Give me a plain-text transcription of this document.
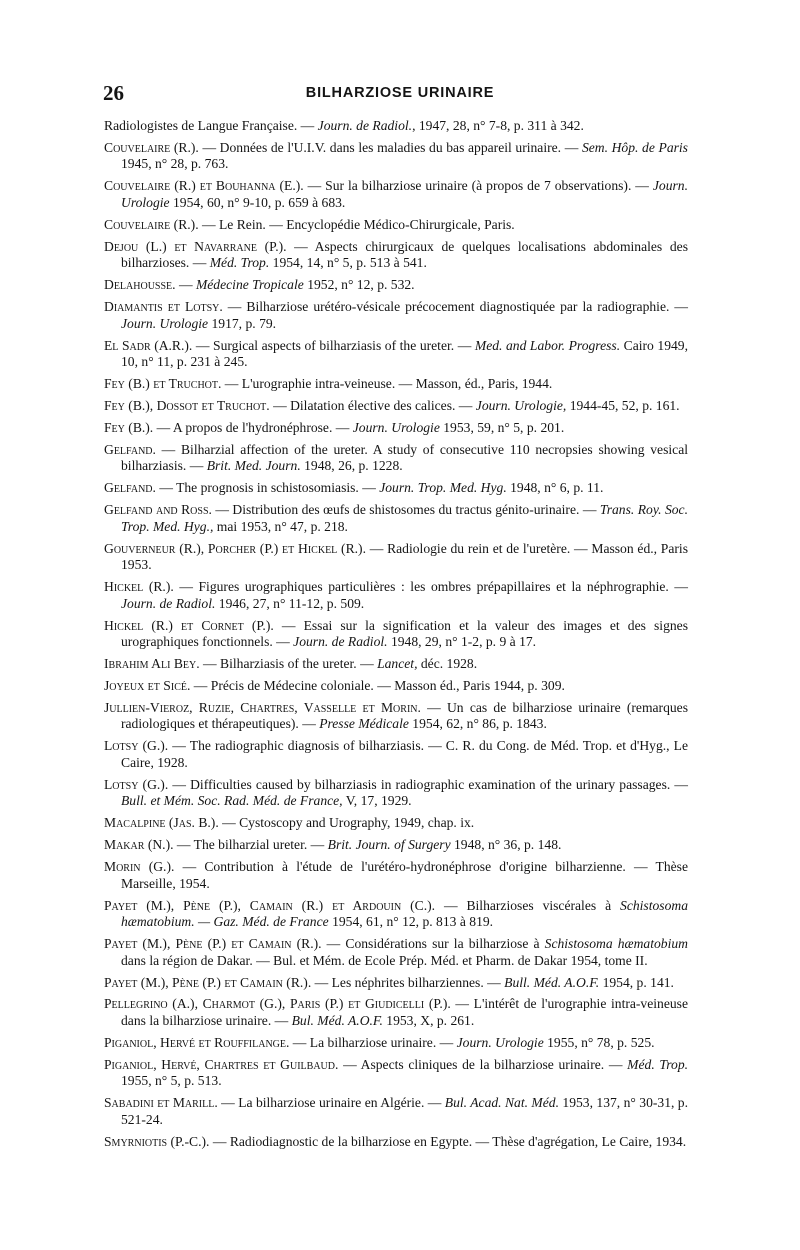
26	BILHARZIOSE URINAIRE

Radiologistes de Langue Française. — Journ. de Radiol., 1947, 28, n° 7-8, p. 311 à 342.

Couvelaire (R.). — Données de l'U.I.V. dans les maladies du bas appareil urinaire. — Sem. Hôp. de Paris 1945, n° 28, p. 763.

Couvelaire (R.) et Bouhanna (E.). — Sur la bilharziose urinaire (à propos de 7 observations). — Journ. Urologie 1954, 60, n° 9-10, p. 659 à 683.

Couvelaire (R.). — Le Rein. — Encyclopédie Médico-Chirurgicale, Paris.

Dejou (L.) et Navarrane (P.). — Aspects chirurgicaux de quelques localisations abdominales des bilharzioses. — Méd. Trop. 1954, 14, n° 5, p. 513 à 541.

Delahousse. — Médecine Tropicale 1952, n° 12, p. 532.

Diamantis et Lotsy. — Bilharziose urétéro-vésicale précocement diagnostiquée par la radiographie. — Journ. Urologie 1917, p. 79.

El Sadr (A.R.). — Surgical aspects of bilharziasis of the ureter. — Med. and Labor. Progress. Cairo 1949, 10, n° 11, p. 231 à 245.

Fey (B.) et Truchot. — L'urographie intra-veineuse. — Masson, éd., Paris, 1944.

Fey (B.), Dossot et Truchot. — Dilatation élective des calices. — Journ. Urologie, 1944-45, 52, p. 161.

Fey (B.). — A propos de l'hydronéphrose. — Journ. Urologie 1953, 59, n° 5, p. 201.

Gelfand. — Bilharzial affection of the ureter. A study of consecutive 110 necropsies showing vesical bilharziasis. — Brit. Med. Journ. 1948, 26, p. 1228.

Gelfand. — The prognosis in schistosomiasis. — Journ. Trop. Med. Hyg. 1948, n° 6, p. 11.

Gelfand and Ross. — Distribution des œufs de shistosomes du tractus génito-urinaire. — Trans. Roy. Soc. Trop. Med. Hyg., mai 1953, n° 47, p. 218.

Gouverneur (R.), Porcher (P.) et Hickel (R.). — Radiologie du rein et de l'uretère. — Masson éd., Paris 1953.

Hickel (R.). — Figures urographiques particulières : les ombres prépapillaires et la néphrographie. — Journ. de Radiol. 1946, 27, n° 11-12, p. 509.

Hickel (R.) et Cornet (P.). — Essai sur la signification et la valeur des images et des signes urographiques fonctionnels. — Journ. de Radiol. 1948, 29, n° 1-2, p. 9 à 17.

Ibrahim Ali Bey. — Bilharziasis of the ureter. — Lancet, déc. 1928.

Joyeux et Sicé. — Précis de Médecine coloniale. — Masson éd., Paris 1944, p. 309.

Jullien-Vieroz, Ruzie, Chartres, Vasselle et Morin. — Un cas de bilharziose urinaire (remarques radiologiques et thérapeutiques). — Presse Médicale 1954, 62, n° 86, p. 1843.

Lotsy (G.). — The radiographic diagnosis of bilharziasis. — C. R. du Cong. de Méd. Trop. et d'Hyg., Le Caire, 1928.

Lotsy (G.). — Difficulties caused by bilharziasis in radiographic examination of the urinary passages. — Bull. et Mém. Soc. Rad. Méd. de France, V, 17, 1929.

Macalpine (Jas. B.). — Cystoscopy and Urography, 1949, chap. ix.

Makar (N.). — The bilharzial ureter. — Brit. Journ. of Surgery 1948, n° 36, p. 148.

Morin (G.). — Contribution à l'étude de l'urétéro-hydronéphrose d'origine bilharzienne. — Thèse Marseille, 1954.

Payet (M.), Pène (P.), Camain (R.) et Ardouin (C.). — Bilharzioses viscérales à Schistosoma hæmatobium. — Gaz. Méd. de France 1954, 61, n° 12, p. 813 à 819.

Payet (M.), Pène (P.) et Camain (R.). — Considérations sur la bilharziose à Schistosoma hæmatobium dans la région de Dakar. — Bul. et Mém. de Ecole Prép. Méd. et Pharm. de Dakar 1954, tome II.

Payet (M.), Pène (P.) et Camain (R.). — Les néphrites bilharziennes. — Bull. Méd. A.O.F. 1954, p. 141.

Pellegrino (A.), Charmot (G.), Paris (P.) et Giudicelli (P.). — L'intérêt de l'urographie intra-veineuse dans la bilharziose urinaire. — Bul. Méd. A.O.F. 1953, X, p. 261.

Piganiol, Hervé et Rouffilange. — La bilharziose urinaire. — Journ. Urologie 1955, n° 78, p. 525.

Piganiol, Hervé, Chartres et Guilbaud. — Aspects cliniques de la bilharziose urinaire. — Méd. Trop. 1955, n° 5, p. 513.

Sabadini et Marill. — La bilharziose urinaire en Algérie. — Bul. Acad. Nat. Méd. 1953, 137, n° 30-31, p. 521-24.

Smyrniotis (P.-C.). — Radiodiagnostic de la bilharziose en Egypte. — Thèse d'agrégation, Le Caire, 1934.
